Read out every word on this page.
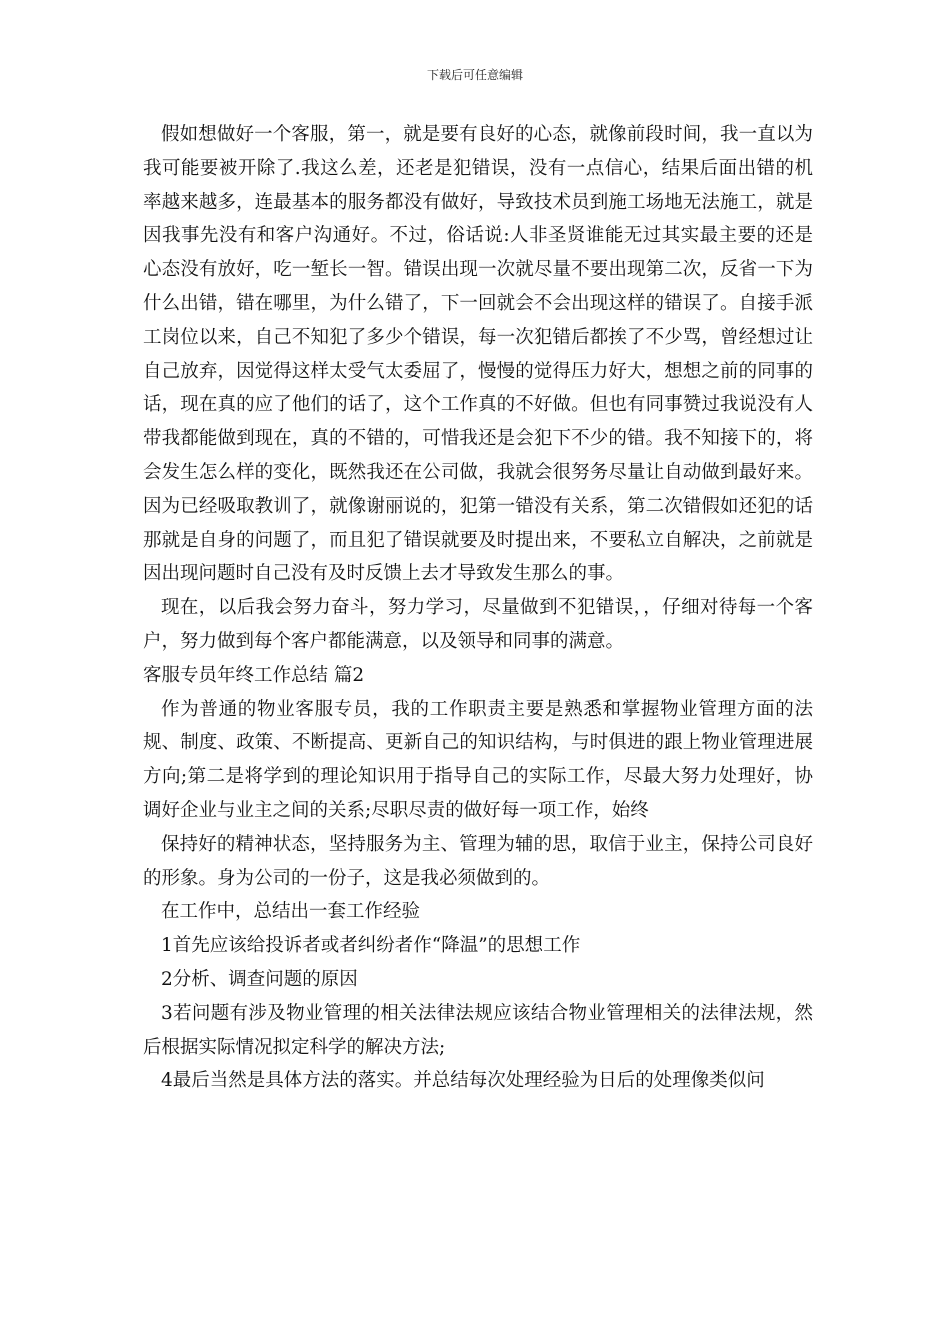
下载后可任意编辑

假如想做好一个客服，第一，就是要有良好的心态，就像前段时间，我一直以为我可能要被开除了.我这么差，还老是犯错误，没有一点信心，结果后面出错的机率越来越多，连最基本的服务都没有做好，导致技术员到施工场地无法施工，就是因我事先没有和客户沟通好。不过，俗话说:人非圣贤谁能无过其实最主要的还是心态没有放好，吃一堑长一智。错误出现一次就尽量不要出现第二次，反省一下为什么出错，错在哪里，为什么错了，下一回就会不会出现这样的错误了。自接手派工岗位以来，自己不知犯了多少个错误，每一次犯错后都挨了不少骂，曾经想过让自己放弃，因觉得这样太受气太委屈了，慢慢的觉得压力好大，想想之前的同事的话，现在真的应了他们的话了，这个工作真的不好做。但也有同事赞过我说没有人带我都能做到现在，真的不错的，可惜我还是会犯下不少的错。我不知接下的，将会发生怎么样的变化，既然我还在公司做，我就会很努务尽量让自动做到最好来。因为已经吸取教训了，就像谢丽说的，犯第一错没有关系，第二次错假如还犯的话那就是自身的问题了，而且犯了错误就要及时提出来，不要私立自解决，之前就是因出现问题时自己没有及时反馈上去才导致发生那么的事。

现在，以后我会努力奋斗，努力学习，尽量做到不犯错误，，仔细对待每一个客户，努力做到每个客户都能满意，以及领导和同事的满意。

客服专员年终工作总结 篇2

作为普通的物业客服专员，我的工作职责主要是熟悉和掌握物业管理方面的法规、制度、政策、不断提高、更新自己的知识结构，与时俱进的跟上物业管理进展方向;第二是将学到的理论知识用于指导自己的实际工作，尽最大努力处理好，协调好企业与业主之间的关系;尽职尽责的做好每一项工作，始终

保持好的精神状态，坚持服务为主、管理为辅的思，取信于业主，保持公司良好的形象。身为公司的一份子，这是我必须做到的。

在工作中，总结出一套工作经验

1首先应该给投诉者或者纠纷者作“降温”的思想工作

2分析、调查问题的原因

3若问题有涉及物业管理的相关法律法规应该结合物业管理相关的法律法规，然后根据实际情况拟定科学的解决方法;

4最后当然是具体方法的落实。并总结每次处理经验为日后的处理像类似问
